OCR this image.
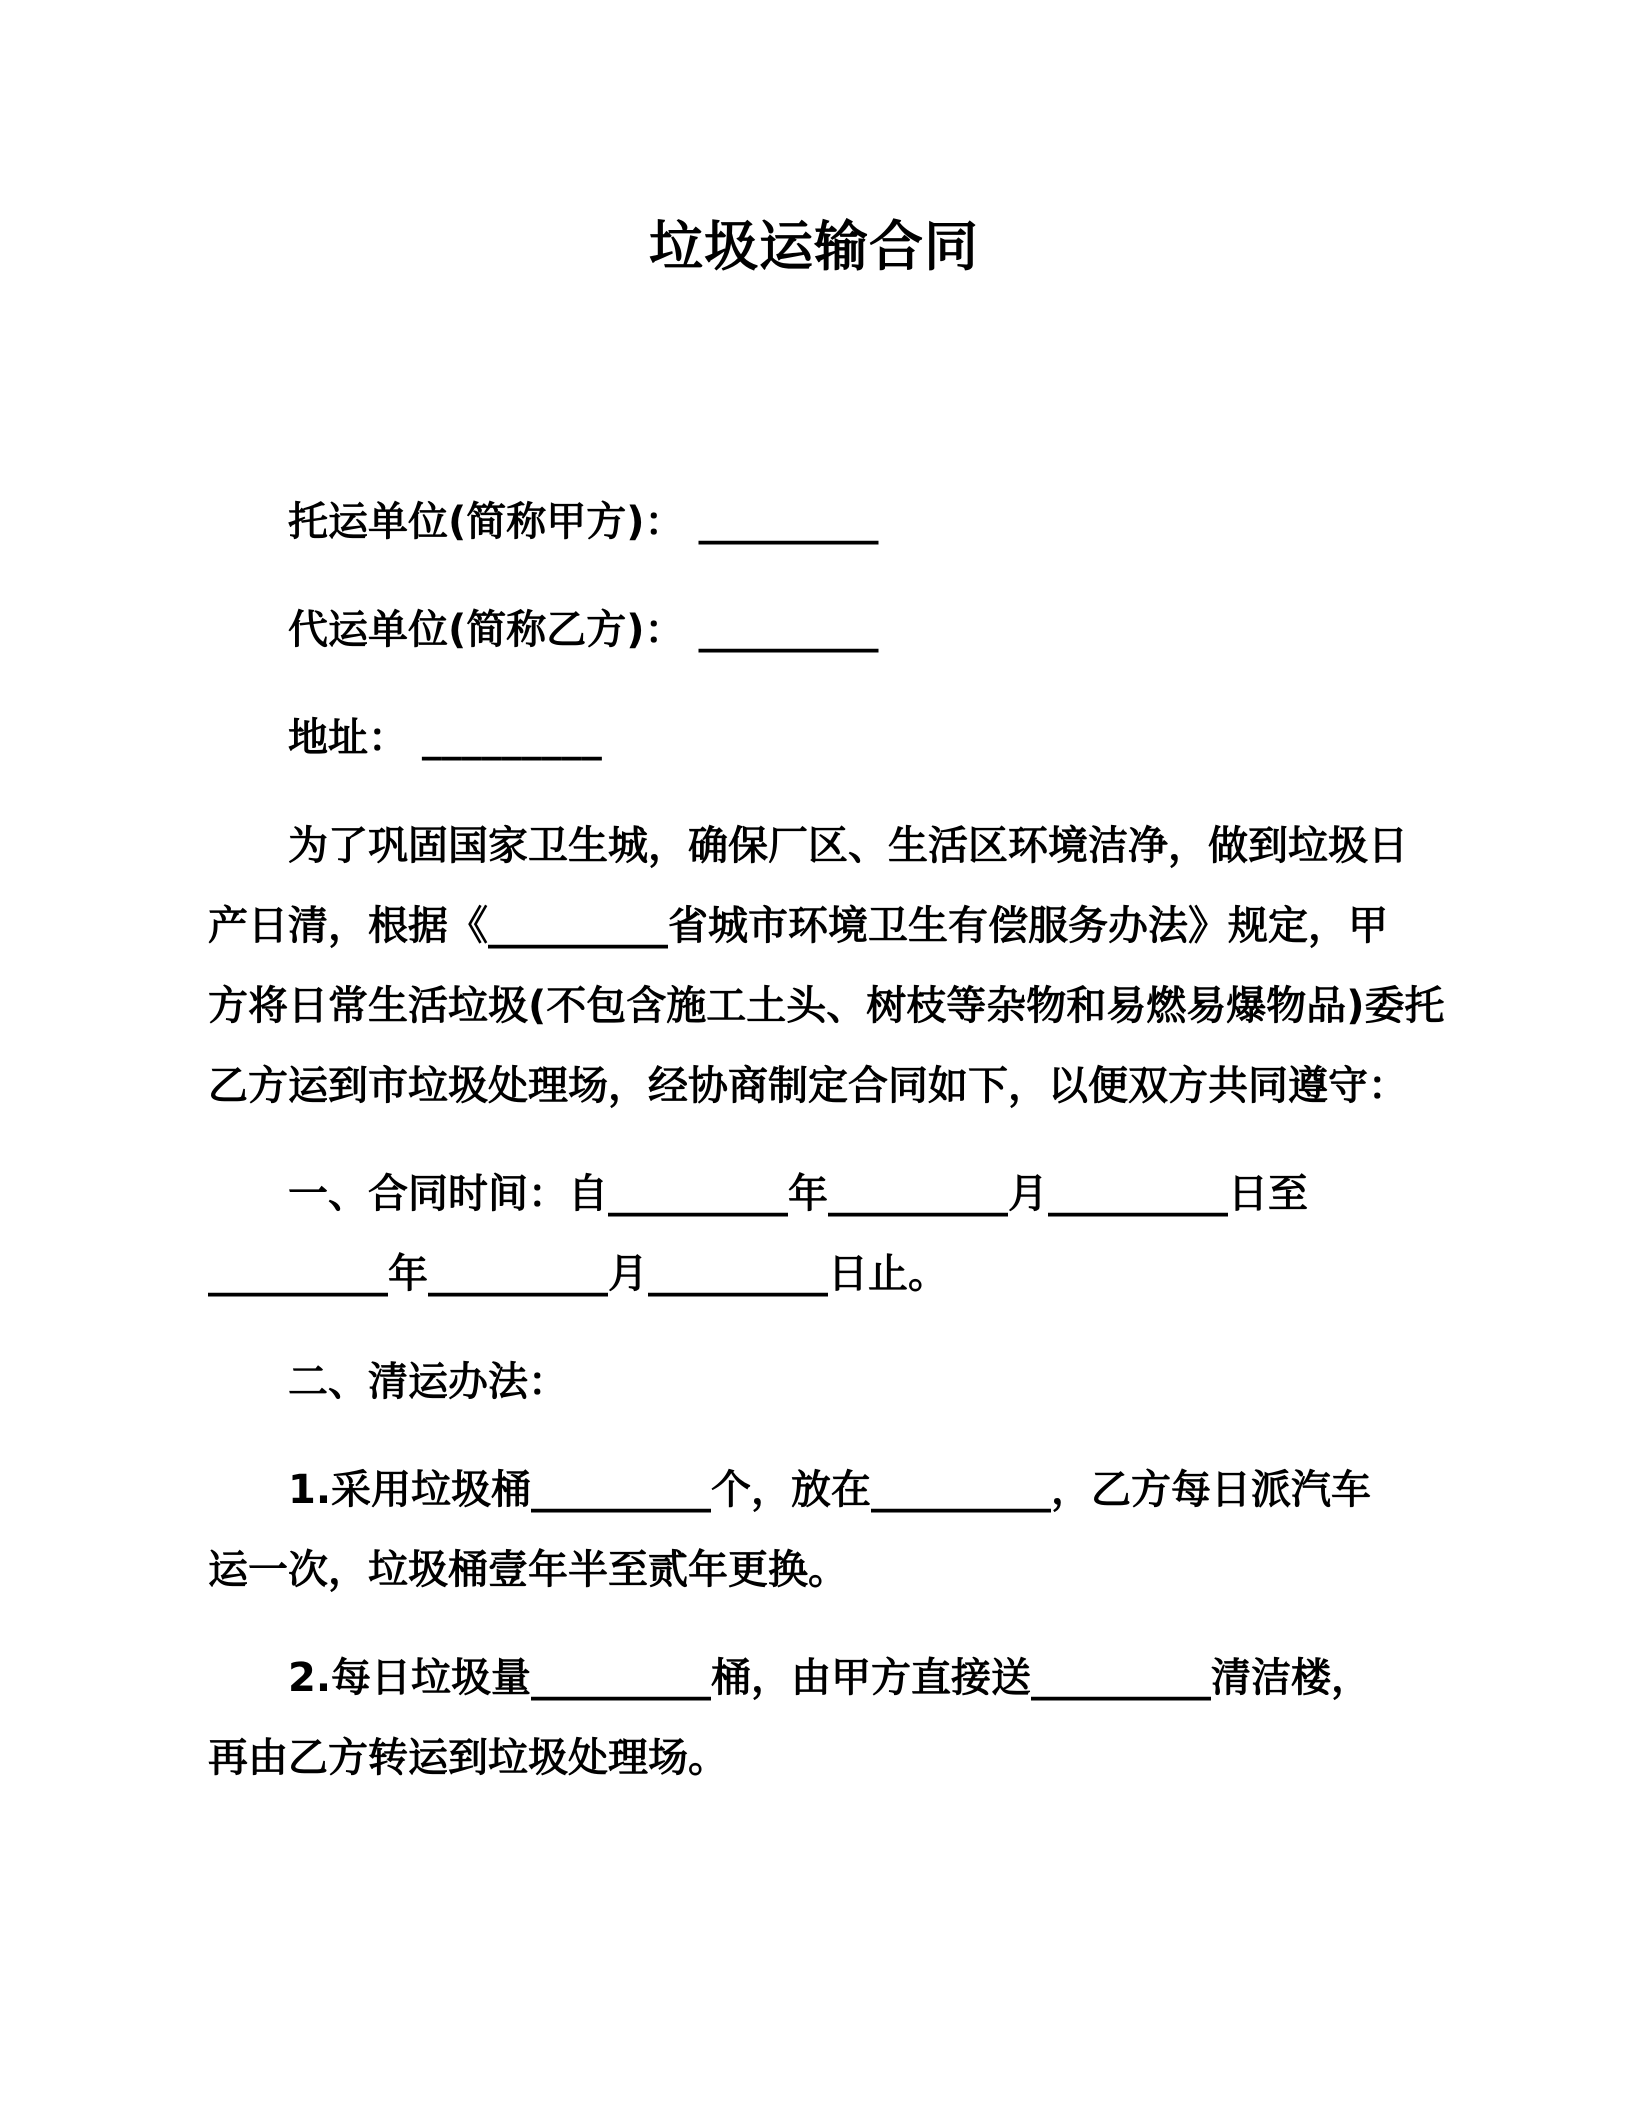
垃圾运输合同
托运单位(简称甲方)： _________
代运单位(简称乙方)： _________
地址： _________
为了巩固国家卫生城，确保厂区、生活区环境洁净，做到垃圾日
产日清，根据《_________省城市环境卫生有偿服务办法》规定，甲
方将日常生活垃圾(不包含施工土头、树枝等杂物和易燃易爆物品)委托
乙方运到市垃圾处理场，经协商制定合同如下，以便双方共同遵守：
一、合同时间：自_________年_________月_________日至
_________年_________月_________日止。
二、清运办法：
1.采用垃圾桶_________个，放在_________，乙方每日派汽车
运一次，垃圾桶壹年半至贰年更换。
2.每日垃圾量_________桶，由甲方直接送_________清洁楼，
再由乙方转运到垃圾处理场。
